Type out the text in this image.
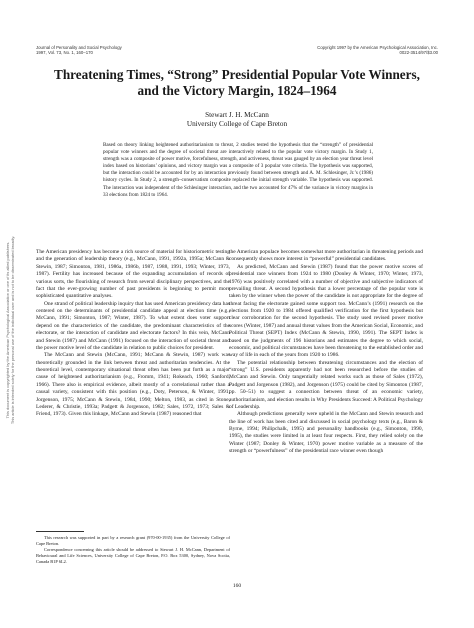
Journal of Personality and Social Psychology
1997, Vol. 73, No. 1, 160–170
Copyright 1997 by the American Psychological Association, Inc.
0022-3514/97/$3.00
Threatening Times, “Strong” Presidential Popular Vote Winners,
and the Victory Margin, 1824–1964
Stewart J. H. McCann
University College of Cape Breton
Based on theory linking heightened authoritarianism to threat, 2 studies tested the hypothesis that the “strength” of presidential popular vote winners and the degree of societal threat are interactively related to the popular vote victory margin. In Study 1, strength was a composite of power motive, forcefulness, strength, and activeness, threat was gauged by an election year threat level index based on historians’ opinions, and victory margin was a composite of 3 popular vote criteria. The hypothesis was supported, but the interaction could be accounted for by an interaction previously found between strength and A. M. Schlesinger, Jr.’s (1986) history cycles. In Study 2, a strength–conservatism composite replaced the initial strength variable. The hypothesis was supported. The interaction was independent of the Schlesinger interaction, and the two accounted for 47% of the variance in victory margins in 33 elections from 1824 to 1964.

The American presidency has become a rich source of material for historiometric testing and the generation of leadership theory (e.g., McCann, 1991, 1992a, 1995a; McCann & Stewin, 1987; Simonton, 1981, 1986a, 1986b, 1987, 1988, 1991, 1993; Winter, 1973, 1987). Fertility has increased because of the expanding accumulation of records of various sorts, the flourishing of research from several disciplinary perspectives, and the fact that the ever-growing number of past presidents is beginning to permit more sophisticated quantitative analyses.

One strand of political leadership inquiry that has used American presidency data has centered on the determinants of presidential candidate appeal at election time (e.g., McCann, 1991; Simonton, 1987; Winter, 1987). To what extent does voter support depend on the characteristics of the candidate, the predominant characteristics of the electorate, or the interaction of candidate and electorate factors? In this vein, McCann and Stewin (1987) and McCann (1991) focused on the interaction of societal threat and the power motive level of the candidate in relation to public choices for president.

The McCann and Stewin (McCann, 1991; McCann & Stewin, 1987) work was theoretically grounded in the link between threat and authoritarian tendencies. At the theoretical level, contemporary situational threat often has been put forth as a major cause of heightened authoritarianism (e.g., Fromm, 1941; Rokeach, 1960; Sanford, 1966). There also is empirical evidence, albeit mostly of a correlational rather than a causal variety, consistent with this position (e.g., Doty, Peterson, & Winter, 1991; Jorgenson, 1975; McCann & Stewin, 1984, 1990; Melton, 1983, as cited in Stone, Lederer, & Christie, 1993a; Padgett & Jorgenson, 1982; Sales, 1972, 1973; Sales & Friend, 1973). Given this linkage, McCann and Stewin (1987) reasoned that

the American populace becomes somewhat more authoritarian in threatening periods and consequently shows more interest in “powerful” presidential candidates.

As predicted, McCann and Stewin (1987) found that the power motive scores of presidential race winners from 1924 to 1980 (Donley & Winter, 1970; Winter, 1973, 1976) was positively correlated with a number of objective and subjective indicators of prevailing threat. A second hypothesis that a lower percentage of the popular vote is taken by the winner when the power of the candidate is not appropriate for the degree of threat facing the electorate gained some support too. McCann’s (1991) research on the elections from 1920 to 1984 offered qualified verification for the first hypothesis but clear corroboration for the second hypothesis. The study used revised power motive scores (Winter, 1987) and annual threat values from the American Social, Economic, and Political Threat (SEPT) Index (McCann & Stewin, 1990, 1991). The SEPT Index is based on the judgments of 196 historians and estimates the degree to which social, economic, and political circumstances have been threatening to the established order and way of life in each of the years from 1920 to 1986.

The potential relationship between threatening circumstances and the election of “strong” U.S. presidents apparently had not been researched before the studies of McCann and Stewin. Only tangentially related works such as those of Sales (1972), Padgett and Jorgenson (1982), and Jorgenson (1975) could be cited by Simonton (1987, pp. 50–51) to suggest a connection between threat of an economic variety, authoritarianism, and election results in Why Presidents Succeed: A Political Psychology of Leadership.

Although predictions generally were upheld in the McCann and Stewin research and the line of work has been cited and discussed in social psychology texts (e.g., Baron & Byrne, 1994; Philipchalk, 1995) and personality handbooks (e.g., Simonton, 1990, 1995), the studies were limited in at least four respects. First, they relied solely on the Winter (1987; Donley & Winter, 1970) power motive variable as a measure of the strength or “powerfulness” of the presidential race winner even though

This research was supported in part by a research grant (970-00-1935) from the University College of Cape Breton.

Correspondence concerning this article should be addressed to Stewart J. H. McCann, Department of Behavioural and Life Sciences, University College of Cape Breton, P.O. Box 5300, Sydney, Nova Scotia, Canada B1P 6L2.

160
This document is copyrighted by the American Psychological Association or one of its allied publishers. This article is intended solely for the personal use of the individual user and is not to be disseminated broadly.
